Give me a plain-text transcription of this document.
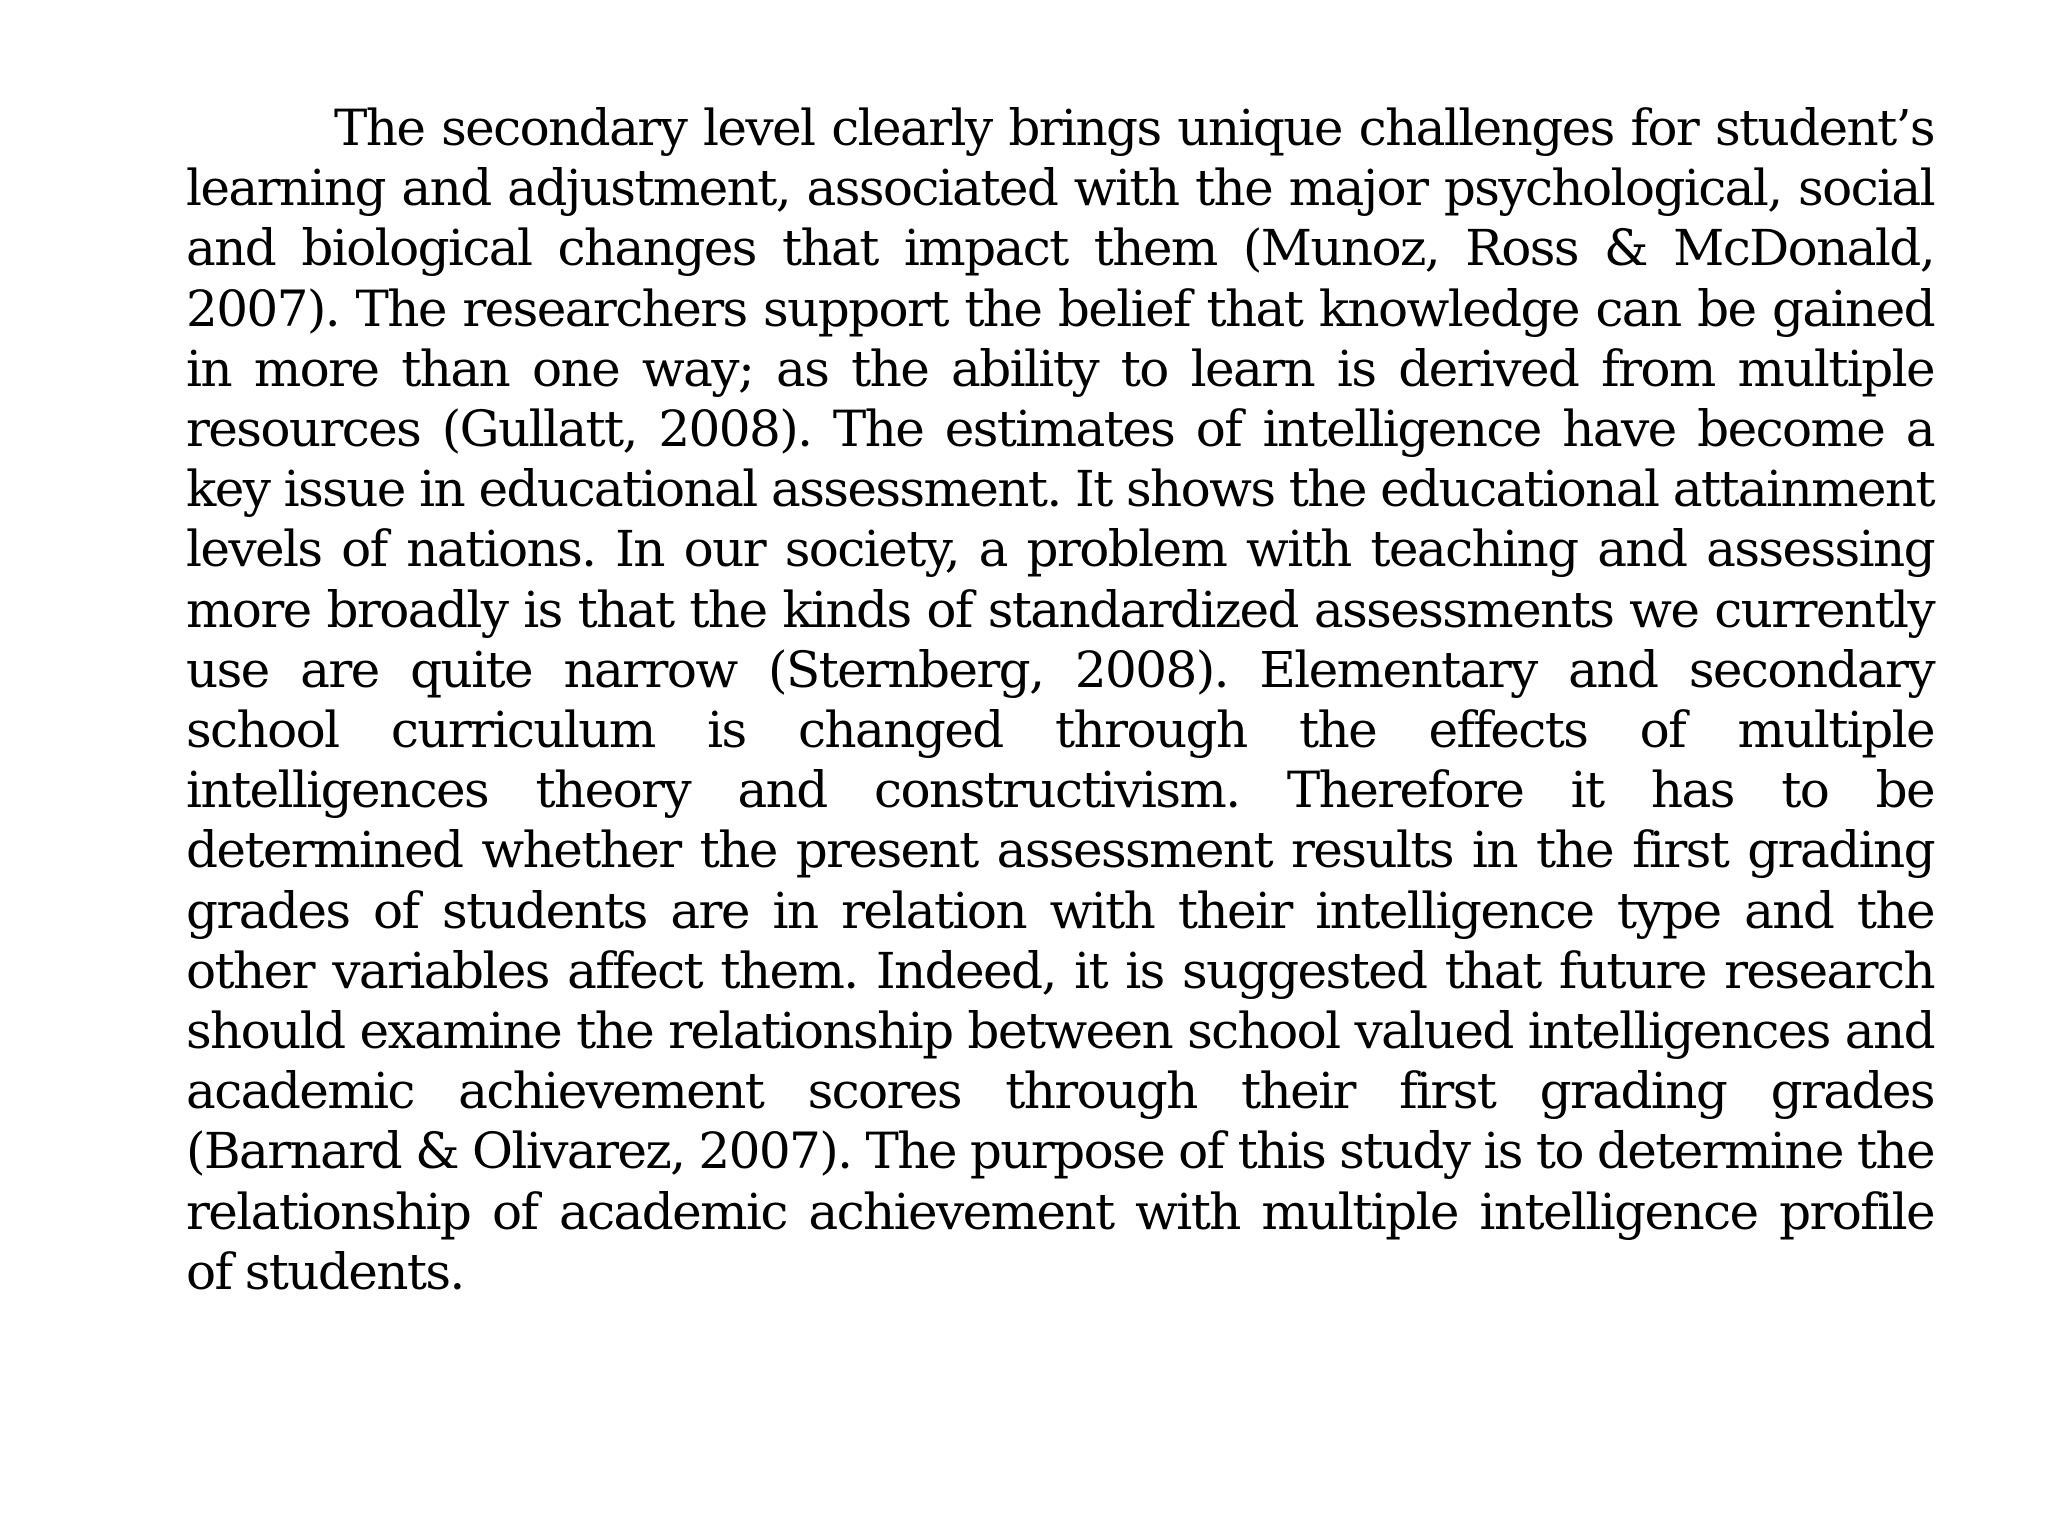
The secondary level clearly brings unique challenges for student’s learning and adjustment, associated with the major psychological, social and biological changes that impact them (Munoz, Ross & McDonald, 2007). The researchers support the belief that knowledge can be gained in more than one way; as the ability to learn is derived from multiple resources (Gullatt, 2008). The estimates of intelligence have become a key issue in educational assessment. It shows the educational attainment levels of nations. In our society, a problem with teaching and assessing more broadly is that the kinds of standardized assessments we currently use are quite narrow (Sternberg, 2008). Elementary and secondary school curriculum is changed through the effects of multiple intelligences theory and constructivism. Therefore it has to be determined whether the present assessment results in the first grading grades of students are in relation with their intelligence type and the other variables affect them. Indeed, it is suggested that future research should examine the relationship between school valued intelligences and academic achievement scores through their first grading grades (Barnard & Olivarez, 2007). The purpose of this study is to determine the relationship of academic achievement with multiple intelligence profile of students.
